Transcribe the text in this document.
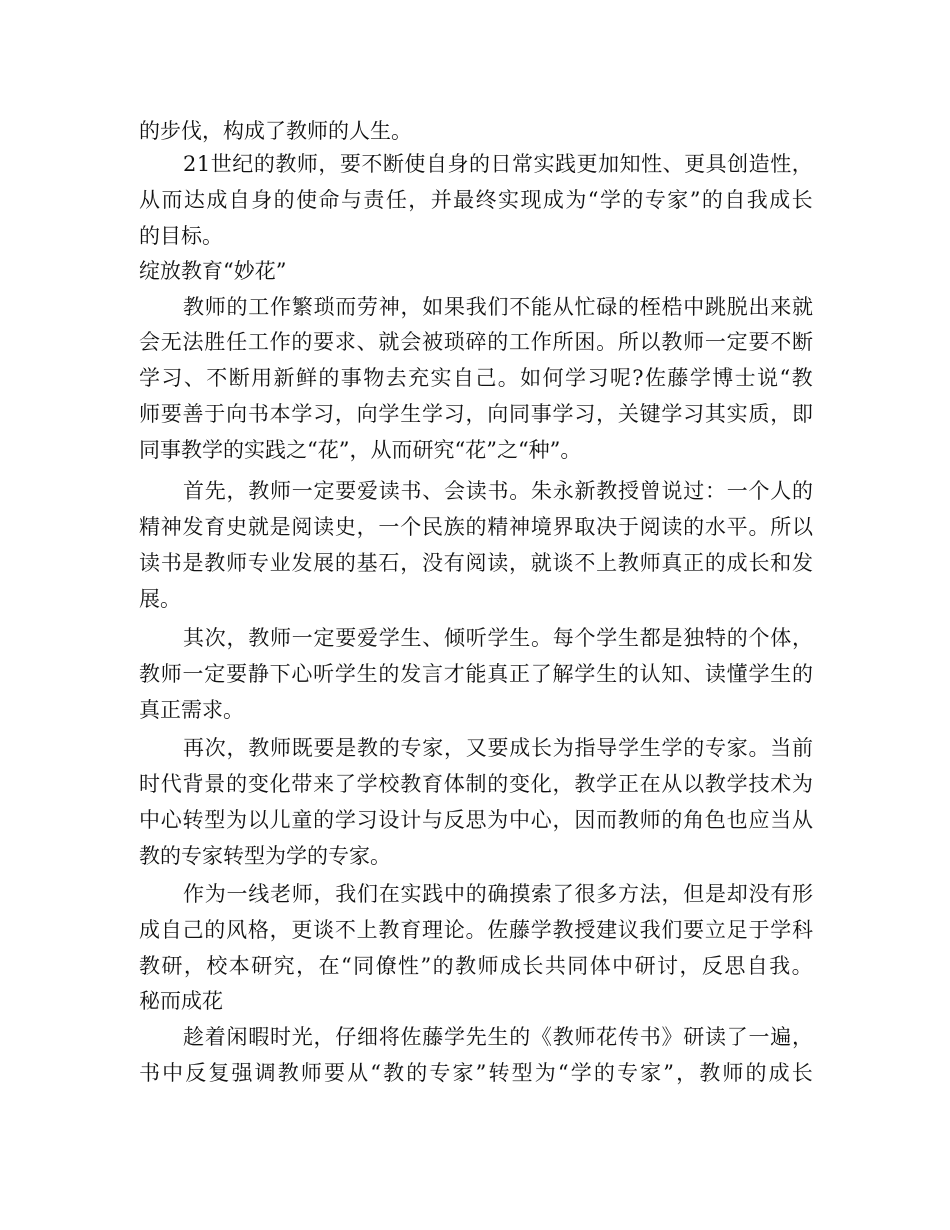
的步伐，构成了教师的人生。
2 1 世 纪 的 教 师 ， 要 不 断 使 自 身 的 日 常 实 践 更 加 知 性 、 更 具 创 造 性 ，
从 而 达 成 自 身 的 使 命 与 责 任 ， 并 最 终 实 现 成 为 “ 学 的 专 家 ” 的 自 我 成 长
的目标。
绽放教育“妙花”
教 师 的 工 作 繁 琐 而 劳 神 ， 如 果 我 们 不 能 从 忙 碌 的 桎 梏 中 跳 脱 出 来 就
会 无 法 胜 任 工 作 的 要 求 、 就 会 被 琐 碎 的 工 作 所 困 。 所 以 教 师 一 定 要 不 断
学 习 、 不 断 用 新 鲜 的 事 物 去 充 实 自 己 。 如 何 学 习 呢 ? 佐 藤 学 博 士 说 “ 教
师 要 善 于 向 书 本 学 习 ， 向 学 生 学 习 ， 向 同 事 学 习 ， 关 键 学 习 其 实 质 ， 即
同事教学的实践之“花”，从而研究“花”之“种”。
首 先 ， 教 师 一 定 要 爱 读 书 、 会 读 书 。 朱 永 新 教 授 曾 说 过 ： 一 个 人 的
精 神 发 育 史 就 是 阅 读 史 ， 一 个 民 族 的 精 神 境 界 取 决 于 阅 读 的 水 平 。 所 以
读 书 是 教 师 专 业 发 展 的 基 石 ， 没 有 阅 读 ， 就 谈 不 上 教 师 真 正 的 成 长 和 发
展。
其 次 ， 教 师 一 定 要 爱 学 生 、 倾 听 学 生 。 每 个 学 生 都 是 独 特 的 个 体 ，
教 师 一 定 要 静 下 心 听 学 生 的 发 言 才 能 真 正 了 解 学 生 的 认 知 、 读 懂 学 生 的
真正需求。
再 次 ， 教 师 既 要 是 教 的 专 家 ， 又 要 成 长 为 指 导 学 生 学 的 专 家 。 当 前
时 代 背 景 的 变 化 带 来 了 学 校 教 育 体 制 的 变 化 ， 教 学 正 在 从 以 教 学 技 术 为
中 心 转 型 为 以 儿 童 的 学 习 设 计 与 反 思 为 中 心 ， 因 而 教 师 的 角 色 也 应 当 从
教的专家转型为学的专家。
作 为 一 线 老 师 ， 我 们 在 实 践 中 的 确 摸 索 了 很 多 方 法 ， 但 是 却 没 有 形
成 自 己 的 风 格 ， 更 谈 不 上 教 育 理 论 。 佐 藤 学 教 授 建 议 我 们 要 立 足 于 学 科
教 研 ， 校 本 研 究 ， 在 “ 同 僚 性 ” 的 教 师 成 长 共 同 体 中 研 讨 ， 反 思 自 我 。
秘而成花
趁 着 闲 暇 时 光 ， 仔 细 将 佐 藤 学 先 生 的 《 教 师 花 传 书 》 研 读 了 一 遍 ，
书 中 反 复 强 调 教 师 要 从 “ 教 的 专 家 ” 转 型 为 “ 学 的 专 家 ” ， 教 师 的 成 长
